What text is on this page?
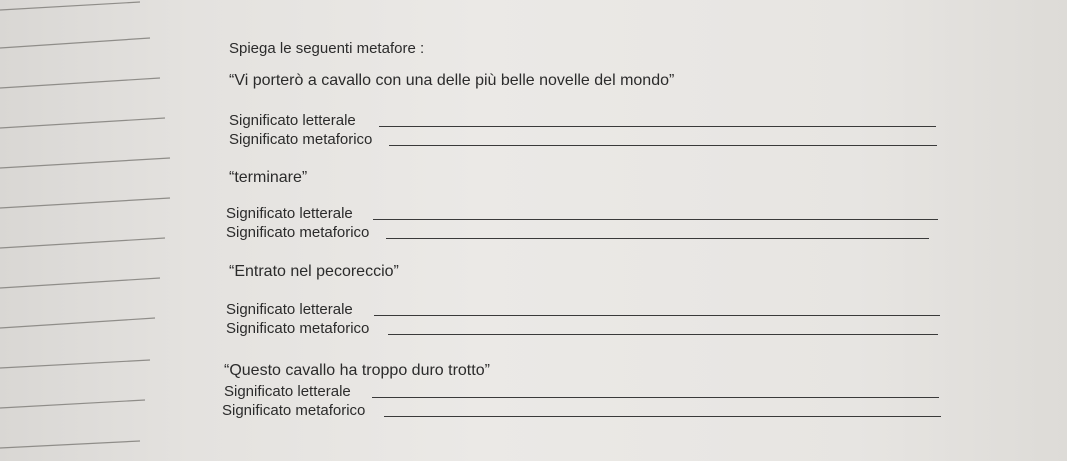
Spiega le seguenti metafore :
“Vi porterò a cavallo con una delle più belle novelle del mondo”
Significato letterale
Significato metaforico
“terminare”
Significato letterale
Significato metaforico
“Entrato nel pecoreccio”
Significato letterale
Significato metaforico
“Questo cavallo ha troppo duro trotto”
Significato letterale
Significato metaforico
